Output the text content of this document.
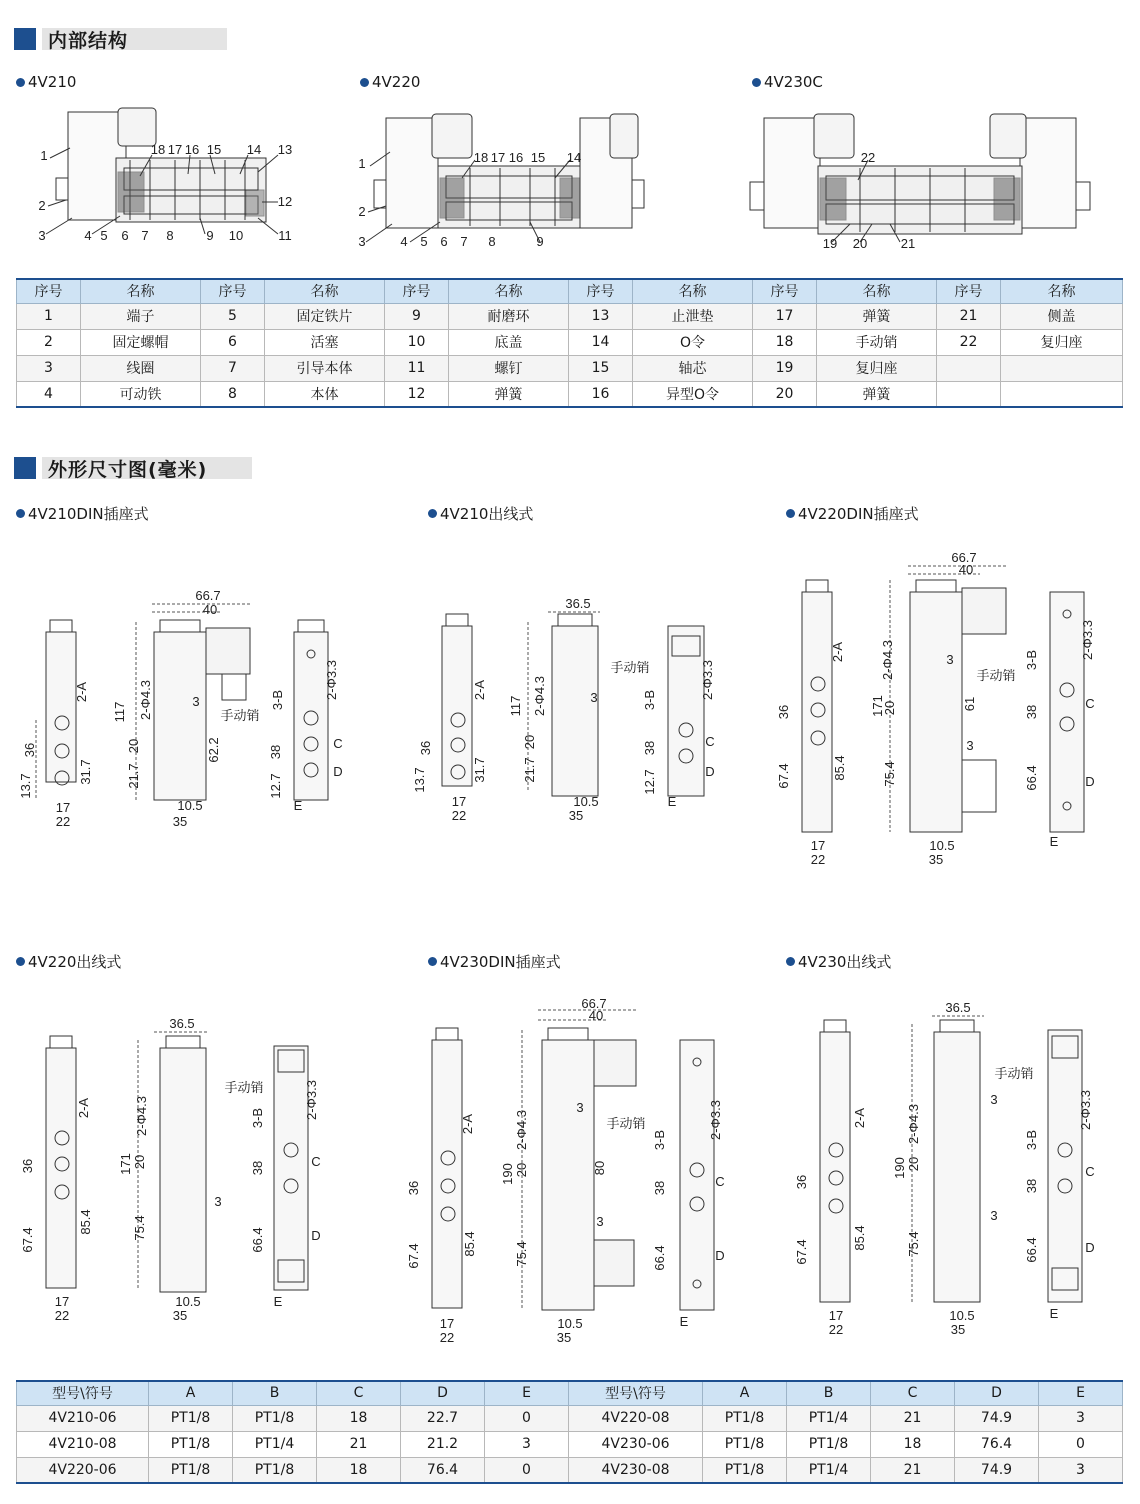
内部结构
4V210	4V220	4V230C
1
2
3	4 5 6 7 8	9 10	11
12
13
14
15
16
17
18
1
2
3	4 5 6 7 8	9
14
15
16
17
18	22
19 20	21
序号	名称	序号	名称	序号	名称	序号	名称	序号	名称	序号	名称
1	端子	5	固定铁片	9	耐磨环	13	止泄垫	17	弹簧	21	侧盖
2	固定螺帽	6	活塞	10	底盖	14	O令	18	手动销	22	复归座
3	线圈	7	引导本体	11	螺钉	15	轴芯	19	复归座		
4	可动铁	8	本体	12	弹簧	16	异型O令	20	弹簧		
外形尺寸图(毫米)
4V210DIN插座式	4V210出线式	4V220DIN插座式
4V220出线式	4V230DIN插座式	4V230出线式
66.7
40
117 2-Φ4.3
2-A
36
13.7
31.7	21.7
20	62.2
3
手动销
3-B	2-Φ3.3
38
12.7
C
D
E
17
22
10.5
35
36.5
117 2-Φ4.3
2-A
36
13.7	31.7	21.7
20
3
手动销
3-B	2-Φ3.3
38
12.7
C
D
E
17
22
10.5
35
66.7
40
171
2-Φ4.3
2-A
36
67.4	85.4
20
75.4
61
3
3
手动销
3-B	2-Φ3.3
38
66.4
C
D
E
17
22
10.5
35
36.5
171
2-Φ4.3
2-A
36
67.4
85.4
20
75.4
3
手动销
3-B	2-Φ3.3
38
66.4
C
D
E
17
22
10.5
35
66.7
40
190
2-Φ4.3
2-A
36
67.4	85.4
20
75.4
80
3
3
手动销
3-B	2-Φ3.3
38
66.4
C
D
E
17
22
10.5
35
36.5
190
2-Φ4.3
2-A
36
67.4
85.4
20
75.4
3
3
手动销
3-B
2-Φ3.3
38
66.4
C
D
E
17
22
10.5
35
型号\符号	A	B	C	D	E	型号\符号	A	B	C	D	E
4V210-06	PT1/8	PT1/8	18	22.7	0	4V220-08	PT1/8	PT1/4	21	74.9	3
4V210-08	PT1/8	PT1/4	21	21.2	3	4V230-06	PT1/8	PT1/8	18	76.4	0
4V220-06	PT1/8	PT1/8	18	76.4	0	4V230-08	PT1/8	PT1/4	21	74.9	3
